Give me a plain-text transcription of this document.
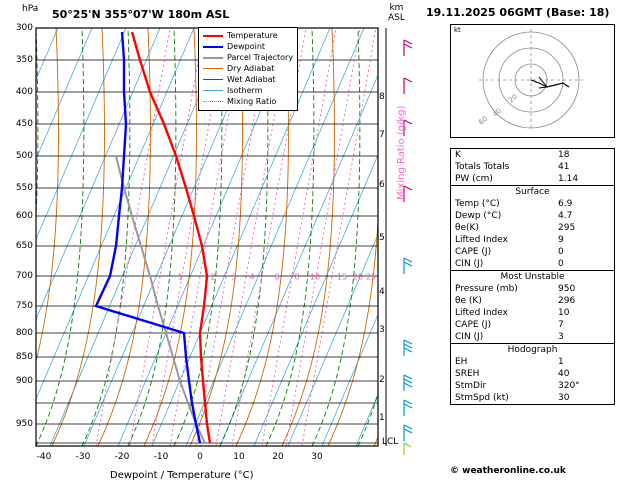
hPa 50°25'N 355°07'W 180m ASL	km
ASL
300
350
400
450
500
550
600
650
700
750
800
850
900
950
-40	-30	-20	-10	0	10	20	30
8
7
6
5
4
3
2
1
1	2 3 4 6 8 10 15 20 25
Mixing Ratio (g/kg)
LCL
Dewpoint / Temperature (°C)
Temperature
Dewpoint
Parcel Trajectory
Dry Adiabat
Wet Adiabat
Isotherm
Mixing Ratio
19.11.2025 06GMT (Base: 18)
kt
20
40
60
K	18
Totals Totals	41
PW (cm)	1.14
Surface
Temp (°C)	6.9
Dewp (°C)	4.7
θe(K)	295
Lifted Index	9
CAPE (J)	0
CIN (J)	0
Most Unstable
Pressure (mb)	950
θe (K)	296
Lifted Index	10
CAPE (J)	7
CIN (J)	3
Hodograph
EH	1
SREH	40
StmDir	320°
StmSpd (kt)	30
© weatheronline.co.uk
